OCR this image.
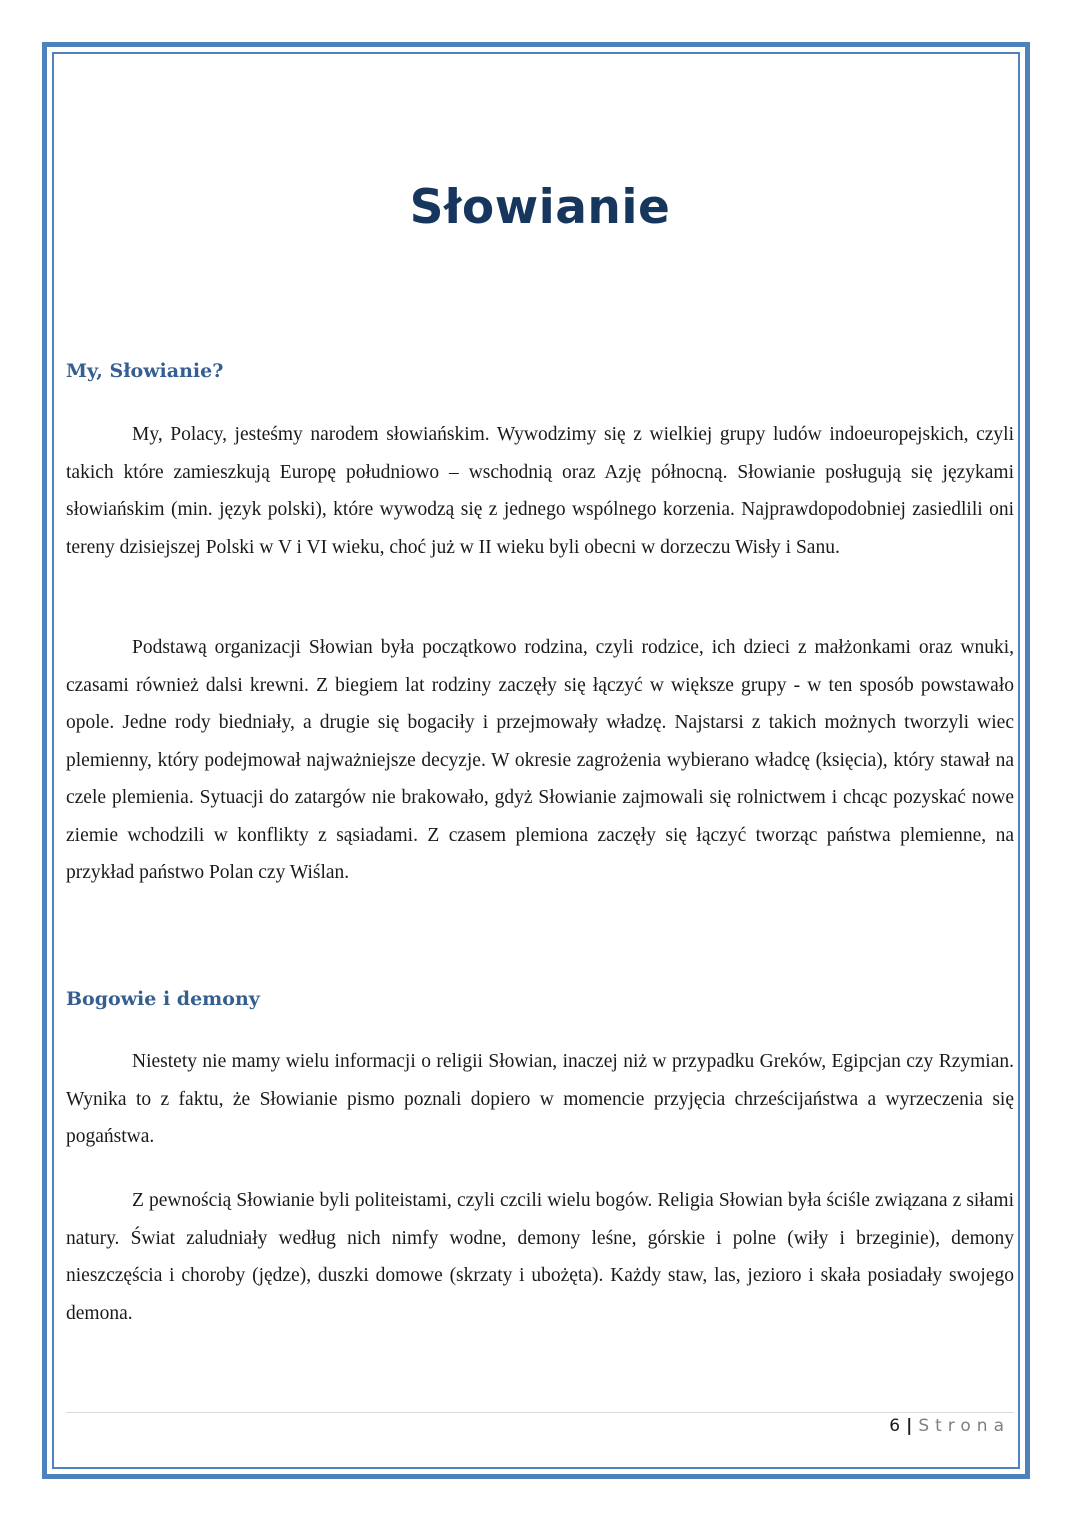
Słowianie
My, Słowianie?

My, Polacy, jesteśmy narodem słowiańskim. Wywodzimy się z wielkiej grupy ludów indoeuropejskich, czyli takich które zamieszkują Europę południowo – wschodnią oraz Azję północną. Słowianie posługują się językami słowiańskim (min. język polski), które wywodzą się z jednego wspólnego korzenia. Najprawdopodobniej zasiedlili oni tereny dzisiejszej Polski w V i VI wieku, choć już w II wieku byli obecni w dorzeczu Wisły i Sanu.

Podstawą organizacji Słowian była początkowo rodzina, czyli rodzice, ich dzieci z małżonkami oraz wnuki, czasami również dalsi krewni. Z biegiem lat rodziny zaczęły się łączyć w większe grupy - w ten sposób powstawało opole. Jedne rody biedniały, a drugie się bogaciły i przejmowały władzę. Najstarsi z takich możnych tworzyli wiec plemienny, który podejmował najważniejsze decyzje. W okresie zagrożenia wybierano władcę (księcia), który stawał na czele plemienia. Sytuacji do zatargów nie brakowało, gdyż Słowianie zajmowali się rolnictwem i chcąc pozyskać nowe ziemie wchodzili w konflikty z sąsiadami. Z czasem plemiona zaczęły się łączyć tworząc państwa plemienne, na przykład państwo Polan czy Wiślan.

Bogowie i demony

Niestety nie mamy wielu informacji o religii Słowian, inaczej niż w przypadku Greków, Egipcjan czy Rzymian. Wynika to z faktu, że Słowianie pismo poznali dopiero w momencie przyjęcia chrześcijaństwa a wyrzeczenia się pogaństwa.

Z pewnością Słowianie byli politeistami, czyli czcili wielu bogów. Religia Słowian była ściśle związana z siłami natury. Świat zaludniały według nich nimfy wodne, demony leśne, górskie i polne (wiły i brzeginie), demony nieszczęścia i choroby (jędze), duszki domowe (skrzaty i ubożęta). Każdy staw, las, jezioro i skała posiadały swojego demona.

6 | Strona
